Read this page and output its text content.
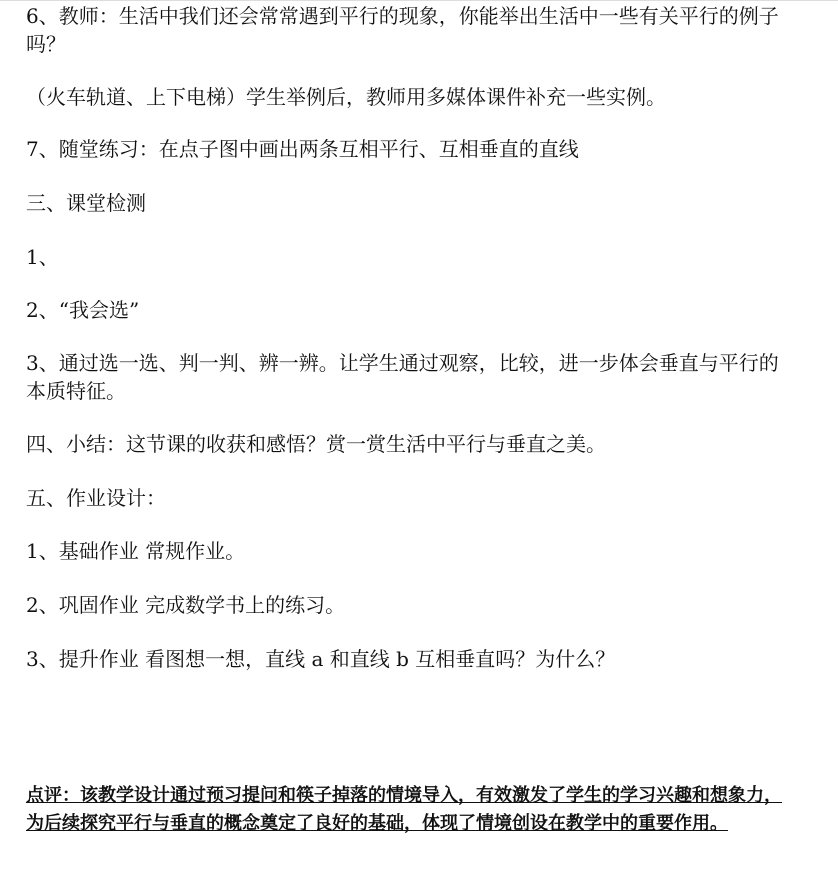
6、教师：生活中我们还会常常遇到平行的现象，你能举出生活中一些有关平行的例子吗？

（火车轨道、上下电梯）学生举例后，教师用多媒体课件补充一些实例。

7、随堂练习：在点子图中画出两条互相平行、互相垂直的直线

三、课堂检测

1、

2、“我会选”

3、通过选一选、判一判、辨一辨。让学生通过观察，比较，进一步体会垂直与平行的本质特征。

四、小结：这节课的收获和感悟？赏一赏生活中平行与垂直之美。

五、作业设计：

1、基础作业 常规作业。

2、巩固作业 完成数学书上的练习。

3、提升作业 看图想一想，直线 a 和直线 b 互相垂直吗？为什么？

点评：该教学设计通过预习提问和筷子掉落的情境导入，有效激发了学生的学习兴趣和想象力，为后续探究平行与垂直的概念奠定了良好的基础，体现了情境创设在教学中的重要作用。
